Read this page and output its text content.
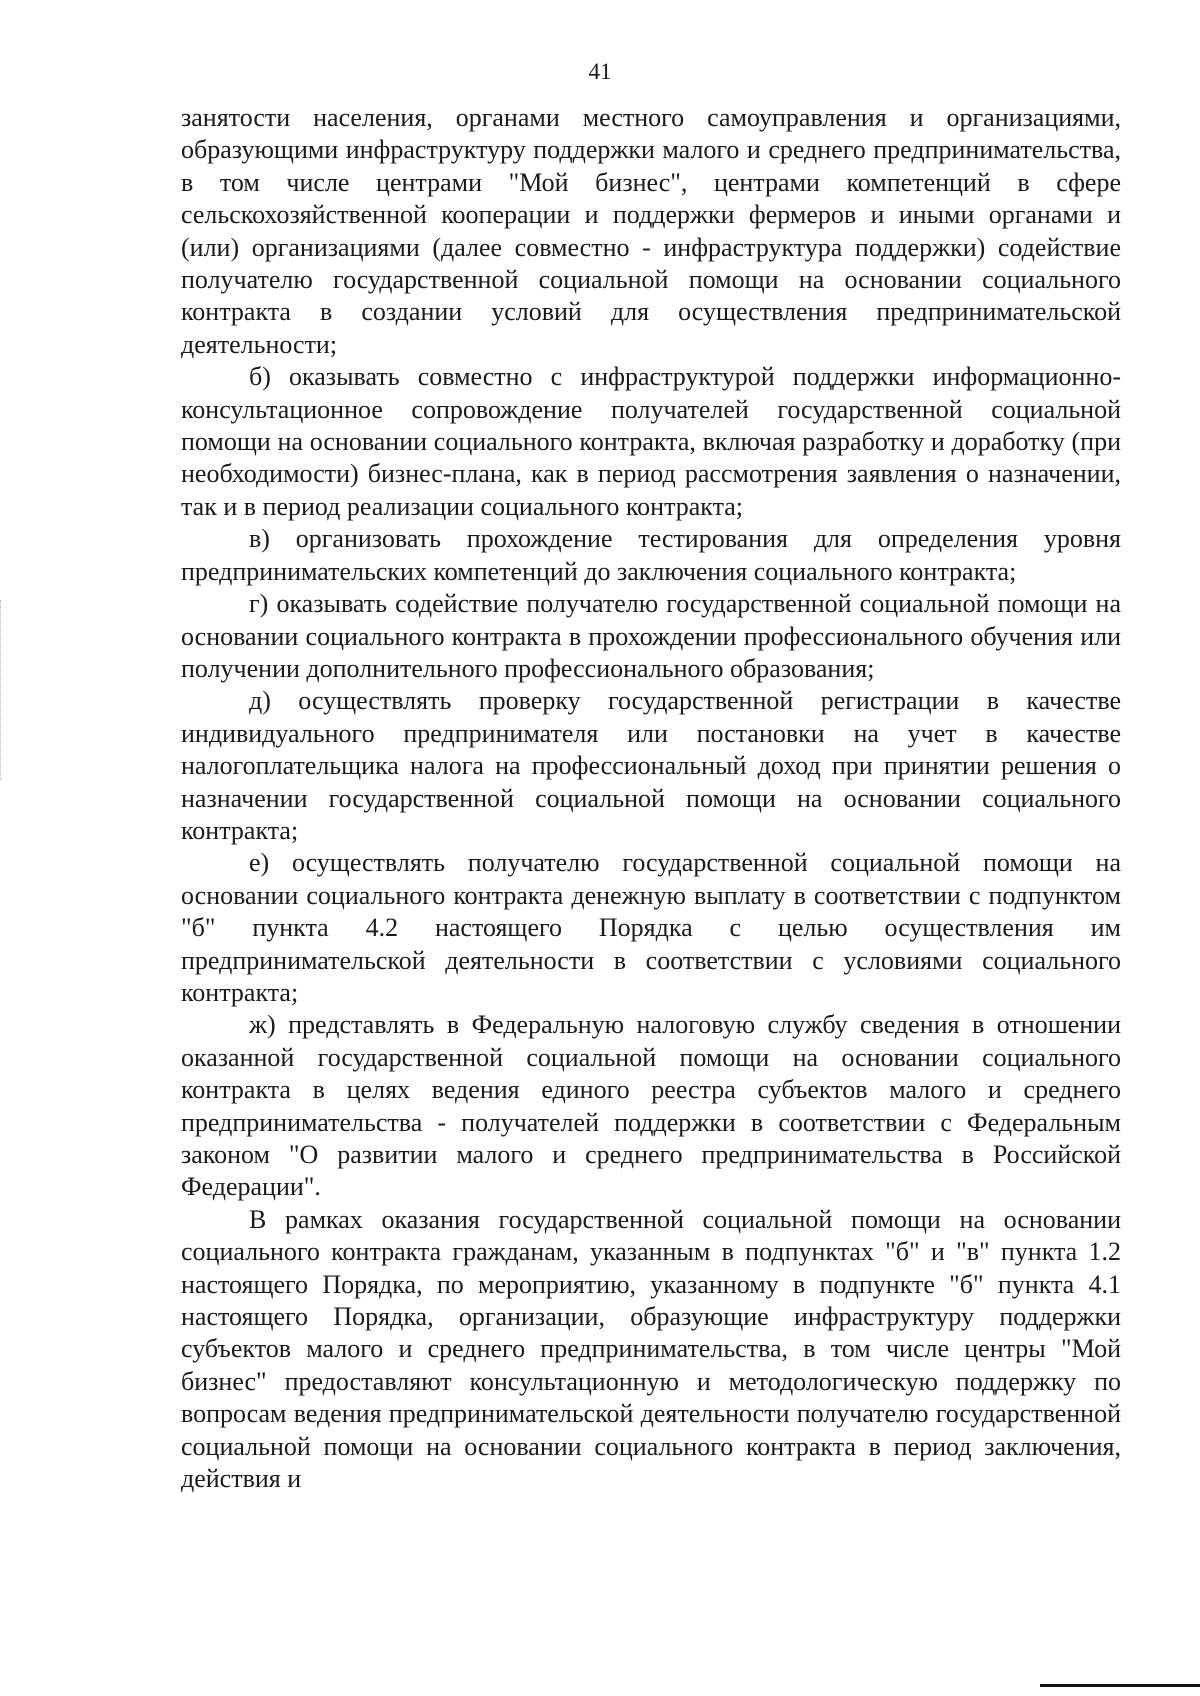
41

занятости населения, органами местного самоуправления и организациями, образующими инфраструктуру поддержки малого и среднего предпринимательства, в том числе центрами "Мой бизнес", центрами компетенций в сфере сельскохозяйственной кооперации и поддержки фермеров и иными органами и (или) организациями (далее совместно - инфраструктура поддержки) содействие получателю государственной социальной помощи на основании социального контракта в создании условий для осуществления предпринимательской деятельности;

б) оказывать совместно с инфраструктурой поддержки информационно-консультационное сопровождение получателей государственной социальной помощи на основании социального контракта, включая разработку и доработку (при необходимости) бизнес-плана, как в период рассмотрения заявления о назначении, так и в период реализации социального контракта;

в) организовать прохождение тестирования для определения уровня предпринимательских компетенций до заключения социального контракта;

г) оказывать содействие получателю государственной социальной помощи на основании социального контракта в прохождении профессионального обучения или получении дополнительного профессионального образования;

д) осуществлять проверку государственной регистрации в качестве индивидуального предпринимателя или постановки на учет в качестве налогоплательщика налога на профессиональный доход при принятии решения о назначении государственной социальной помощи на основании социального контракта;

е) осуществлять получателю государственной социальной помощи на основании социального контракта денежную выплату в соответствии с подпунктом "б" пункта 4.2 настоящего Порядка с целью осуществления им предпринимательской деятельности в соответствии с условиями социального контракта;

ж) представлять в Федеральную налоговую службу сведения в отношении оказанной государственной социальной помощи на основании социального контракта в целях ведения единого реестра субъектов малого и среднего предпринимательства - получателей поддержки в соответствии с Федеральным законом "О развитии малого и среднего предпринимательства в Российской Федерации".

В рамках оказания государственной социальной помощи на основании социального контракта гражданам, указанным в подпунктах "б" и "в" пункта 1.2 настоящего Порядка, по мероприятию, указанному в подпункте "б" пункта 4.1 настоящего Порядка, организации, образующие инфраструктуру поддержки субъектов малого и среднего предпринимательства, в том числе центры "Мой бизнес" предоставляют консультационную и методологическую поддержку по вопросам ведения предпринимательской деятельности получателю государственной социальной помощи на основании социального контракта в период заключения, действия и
